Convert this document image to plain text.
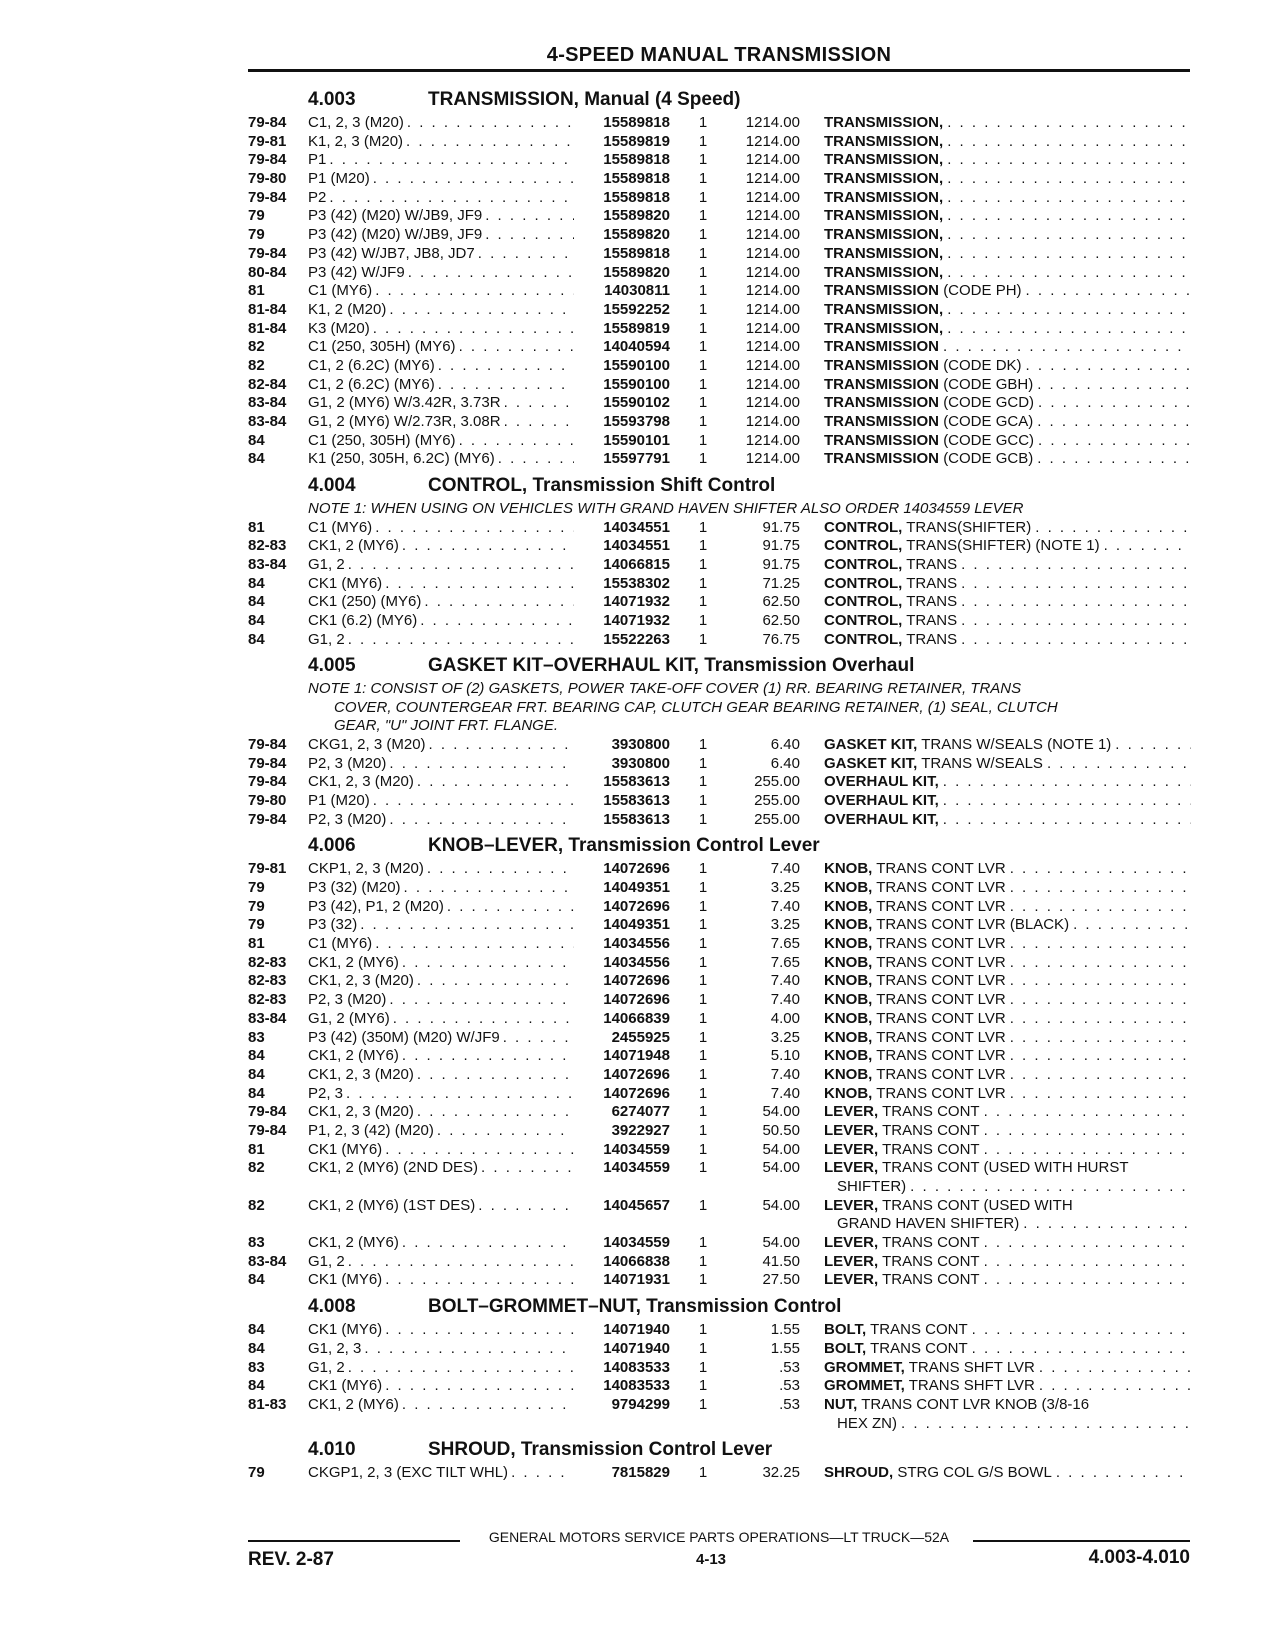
4-SPEED MANUAL TRANSMISSION
4.003	TRANSMISSION, Manual (4 Speed)
79-84 C1, 2, 3 (M20) . . .	15589818	1	1214.00 TRANSMISSION,
. . .
79-81 K1, 2, 3 (M20) . . .	15589819	1	1214.00 TRANSMISSION,
. . .
79-84 P1 . . .	15589818	1	1214.00 TRANSMISSION,
. . .
79-80 P1 (M20) . . .	15589818	1	1214.00 TRANSMISSION,
. . .
79-84 P2 . . .	15589818	1	1214.00 TRANSMISSION,
. . .
79	P3 (42) (M20) W/JB9, JF9 . . .	15589820	1	1214.00 TRANSMISSION,
. . .
79	P3 (42) (M20) W/JB9, JF9 . . .	15589820	1	1214.00 TRANSMISSION,
. . .
79-84 P3 (42) W/JB7, JB8, JD7 . . .	15589818	1	1214.00 TRANSMISSION,
. . .
80-84 P3 (42) W/JF9 . . .	15589820	1	1214.00 TRANSMISSION,
. . .
81	C1 (MY6) . . .	14030811	1	1214.00 TRANSMISSION (CODE PH)
. . .
81-84 K1, 2 (M20) . . .	15592252	1	1214.00 TRANSMISSION,
. . .
81-84 K3 (M20) . . .	15589819	1	1214.00 TRANSMISSION,
. . .
82	C1 (250, 305H) (MY6) . . .	14040594	1	1214.00 TRANSMISSION
. . .
82	C1, 2 (6.2C) (MY6) . . .	15590100	1	1214.00 TRANSMISSION (CODE DK)
. . .
82-84 C1, 2 (6.2C) (MY6) . . .	15590100	1	1214.00 TRANSMISSION (CODE GBH)
. . .
83-84 G1, 2 (MY6) W/3.42R, 3.73R . . .	15590102	1	1214.00 TRANSMISSION (CODE GCD)
. . .
83-84 G1, 2 (MY6) W/2.73R, 3.08R . . .	15593798	1	1214.00 TRANSMISSION (CODE GCA)
. . .
84	C1 (250, 305H) (MY6) . . .	15590101	1	1214.00 TRANSMISSION (CODE GCC)
. . .
84	K1 (250, 305H, 6.2C) (MY6) . . .	15597791	1	1214.00 TRANSMISSION (CODE GCB)
. . .
4.004	CONTROL, Transmission Shift Control
NOTE 1: WHEN USING ON VEHICLES WITH GRAND HAVEN SHIFTER ALSO ORDER 14034559 LEVER
81	C1 (MY6) . . .	14034551	1	91.75 CONTROL, TRANS(SHIFTER)
. . .
82-83 CK1, 2 (MY6) . . .	14034551	1	91.75 CONTROL, TRANS(SHIFTER) (NOTE 1)
. . .
83-84 G1, 2 . . .	14066815	1	91.75 CONTROL, TRANS
. . .
84	CK1 (MY6) . . .	15538302	1	71.25 CONTROL, TRANS
. . .
84	CK1 (250) (MY6) . . .	14071932	1	62.50 CONTROL, TRANS
. . .
84	CK1 (6.2) (MY6) . . .	14071932	1	62.50 CONTROL, TRANS
. . .
84	G1, 2 . . .	15522263	1	76.75 CONTROL, TRANS
. . .
4.005	GASKET KIT–OVERHAUL KIT, Transmission Overhaul
NOTE 1: CONSIST OF (2) GASKETS, POWER TAKE-OFF COVER (1) RR. BEARING RETAINER, TRANS
COVER, COUNTERGEAR FRT. BEARING CAP, CLUTCH GEAR BEARING RETAINER, (1) SEAL, CLUTCH
GEAR, "U" JOINT FRT. FLANGE.
79-84 CKG1, 2, 3 (M20) . . .	3930800	1	6.40 GASKET KIT, TRANS W/SEALS (NOTE 1)
. . .
79-84 P2, 3 (M20) . . .	3930800	1	6.40 GASKET KIT, TRANS W/SEALS
. . .
79-84 CK1, 2, 3 (M20) . . .	15583613	1	255.00 OVERHAUL KIT,
. . .
79-80 P1 (M20) . . .	15583613	1	255.00 OVERHAUL KIT,
. . .
79-84 P2, 3 (M20) . . .	15583613	1	255.00 OVERHAUL KIT,
. . .
4.006	KNOB–LEVER, Transmission Control Lever
79-81 CKP1, 2, 3 (M20) . . .	14072696	1	7.40 KNOB, TRANS CONT LVR
. . .
79	P3 (32) (M20) . . .	14049351	1	3.25 KNOB, TRANS CONT LVR
. . .
79	P3 (42), P1, 2 (M20) . . .	14072696	1	7.40 KNOB, TRANS CONT LVR
. . .
79	P3 (32) . . .	14049351	1	3.25 KNOB, TRANS CONT LVR (BLACK)
. . .
81	C1 (MY6) . . .	14034556	1	7.65 KNOB, TRANS CONT LVR
. . .
82-83 CK1, 2 (MY6) . . .	14034556	1	7.65 KNOB, TRANS CONT LVR
. . .
82-83 CK1, 2, 3 (M20) . . .	14072696	1	7.40 KNOB, TRANS CONT LVR
. . .
82-83 P2, 3 (M20) . . .	14072696	1	7.40 KNOB, TRANS CONT LVR
. . .
83-84 G1, 2 (MY6) . . .	14066839	1	4.00 KNOB, TRANS CONT LVR
. . .
83	P3 (42) (350M) (M20) W/JF9 . . .	2455925	1	3.25 KNOB, TRANS CONT LVR
. . .
84	CK1, 2 (MY6) . . .	14071948	1	5.10 KNOB, TRANS CONT LVR
. . .
84	CK1, 2, 3 (M20) . . .	14072696	1	7.40 KNOB, TRANS CONT LVR
. . .
84	P2, 3 . . .	14072696	1	7.40 KNOB, TRANS CONT LVR
. . .
79-84 CK1, 2, 3 (M20) . . .	6274077	1	54.00 LEVER, TRANS CONT
. . .
79-84 P1, 2, 3 (42) (M20) . . .	3922927	1	50.50 LEVER, TRANS CONT
. . .
81	CK1 (MY6) . . .	14034559	1	54.00 LEVER, TRANS CONT
. . .
82	CK1, 2 (MY6) (2ND DES) . . .	14034559	1	54.00 LEVER, TRANS CONT (USED WITH HURST
SHIFTER)
. . .
82	CK1, 2 (MY6) (1ST DES) . . .	14045657	1	54.00 LEVER, TRANS CONT (USED WITH
GRAND HAVEN SHIFTER)
. . .
83	CK1, 2 (MY6) . . .	14034559	1	54.00 LEVER, TRANS CONT
. . .
83-84 G1, 2 . . .	14066838	1	41.50 LEVER, TRANS CONT
. . .
84	CK1 (MY6) . . .	14071931	1	27.50 LEVER, TRANS CONT
. . .
4.008	BOLT–GROMMET–NUT, Transmission Control
84	CK1 (MY6) . . .	14071940	1	1.55 BOLT, TRANS CONT
. . .
84	G1, 2, 3 . . .	14071940	1	1.55 BOLT, TRANS CONT
. . .
83	G1, 2 . . .	14083533	1	.53 GROMMET, TRANS SHFT LVR
. . .
84	CK1 (MY6) . . .	14083533	1	.53 GROMMET, TRANS SHFT LVR
. . .
81-83 CK1, 2 (MY6) . . .	9794299	1	.53 NUT, TRANS CONT LVR KNOB (3/8-16
HEX ZN)
. . .
4.010	SHROUD, Transmission Control Lever
79	CKGP1, 2, 3 (EXC TILT WHL) . . .	7815829	1	32.25 SHROUD, STRG COL G/S BOWL
. . .
GENERAL MOTORS SERVICE PARTS OPERATIONS—LT TRUCK—52A
REV. 2-87	4-13	4.003-4.010
